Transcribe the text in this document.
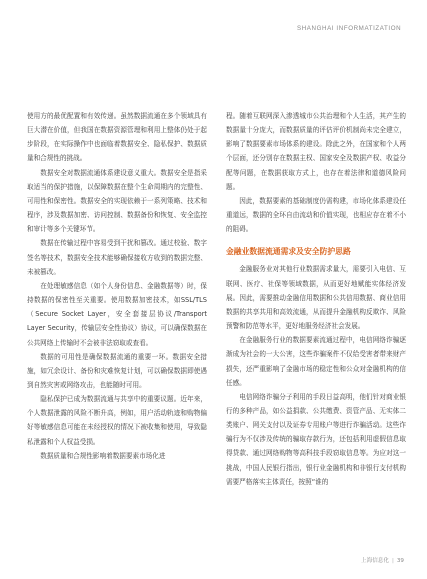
SHANGHAI INFORMATIZATION

使用方的最优配置和有效传递。虽然数据流通在多个领域具有巨大潜在价值，但我国在数据资源管理和利用上整体仍处于起步阶段，在实际操作中也面临着数据安全、隐私保护、数据质量和合规性的挑战。

数据安全对数据流通体系建设意义重大。数据安全是指采取适当的保护措施，以保障数据在整个生命周期内的完整性、可用性和保密性。数据安全的实现依赖于一系列策略、技术和程序，涉及数据加密、访问控制、数据备份和恢复、安全监控和审计等多个关键环节。

数据在传输过程中容易受到干扰和篡改。通过校验、数字签名等技术，数据安全技术能够确保接收方收到的数据完整、未被篡改。

在处理敏感信息（如个人身份信息、金融数据等）时，保持数据的保密性至关重要。使用数据加密技术，如SSL/TLS（Secure Socket Layer，安全套接层协议/Transport Layer Security，传输层安全性协议）协议，可以确保数据在公共网络上传输时不会被非法窃取或查看。

数据的可用性是确保数据流通的重要一环。数据安全措施，如冗余设计、备份和灾难恢复计划，可以确保数据即使遇到自然灾害或网络攻击，也能随时可用。

隐私保护已成为数据流通与共享中的重要议题。近年来，个人数据泄露的风险不断升高，例如，用户活动轨迹和购物偏好等敏感信息可能在未经授权的情况下被收集和使用，导致隐私泄露和个人权益受损。

数据质量和合规性影响着数据要素市场化进

程。随着互联网深入渗透城市公共治理和个人生活，其产生的数据量十分庞大，而数据质量的评估评价机制尚未完全建立，影响了数据要素市场体系的建设。除此之外，在国家和个人两个层面，还分别存在数据主权、国家安全及数据产权、收益分配等问题，在数据获取方式上，也存在着法律和道德风险问题。

因此，数据要素的基础制度仍需构建，市场化体系建设任重道远，数据的全环自由流动和价值实现，也相应存在着不小的阻碍。

金融业数据流通需求及安全防护思路

金融服务业对其他行业数据需求量大，需要引入电信、互联网、医疗、社保等领域数据，从而更好地赋能实体经济发展。因此，需要推动金融信用数据和公共信用数据、商业信用数据的共享共用和高效流通，从而提升金融机构反欺诈、风险预警和防范等水平，更好地服务经济社会发展。

在金融服务行业的数据要素流通过程中，电信网络诈骗逐渐成为社会的一大公害，这些诈骗案件不仅给受害者带来财产损失，还严重影响了金融市场的稳定性和公众对金融机构的信任感。

电信网络诈骗分子利用的手段日益高明，他们针对商业银行的多种产品，如公益捐款、公共缴费、资管产品、无实体二类账户、网关支付以及证券专用账户等进行诈骗活动。这些诈骗行为不仅涉及传统的骗取存款行为，还包括利用虚假信息取得贷款、通过网络购物等高科技手段窃取信息等。为应对这一挑战，中国人民银行指出，银行业金融机构和非银行支付机构需要严格落实主体责任，按照“谁的

上海信息化 | 39
